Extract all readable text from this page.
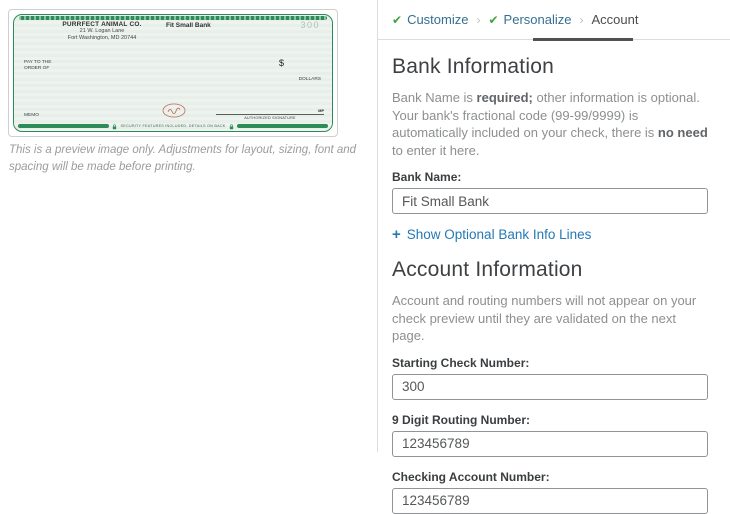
PURRFECT ANIMAL CO.
21 W. Logan Lane
Fort Washington, MD 20744
Fit Small Bank	300
PAY TO THE
ORDER OF
$
DOLLARS
MEMO
MP
AUTHORIZED SIGNATURE
SECURITY FEATURES INCLUDED. DETAILS ON BACK
This is a preview image only. Adjustments for layout, sizing, font and spacing will be made before printing.
✔ Customize › ✔ Personalize › Account
Bank Information

Bank Name is required; other information is optional. Your bank's fractional code (99-99/9999) is automatically included on your check, there is no need to enter it here.

Bank Name:
Fit Small Bank
+ Show Optional Bank Info Lines
Account Information

Account and routing numbers will not appear on your check preview until they are validated on the next page.

Starting Check Number:
300
9 Digit Routing Number:
123456789
Checking Account Number:
123456789
